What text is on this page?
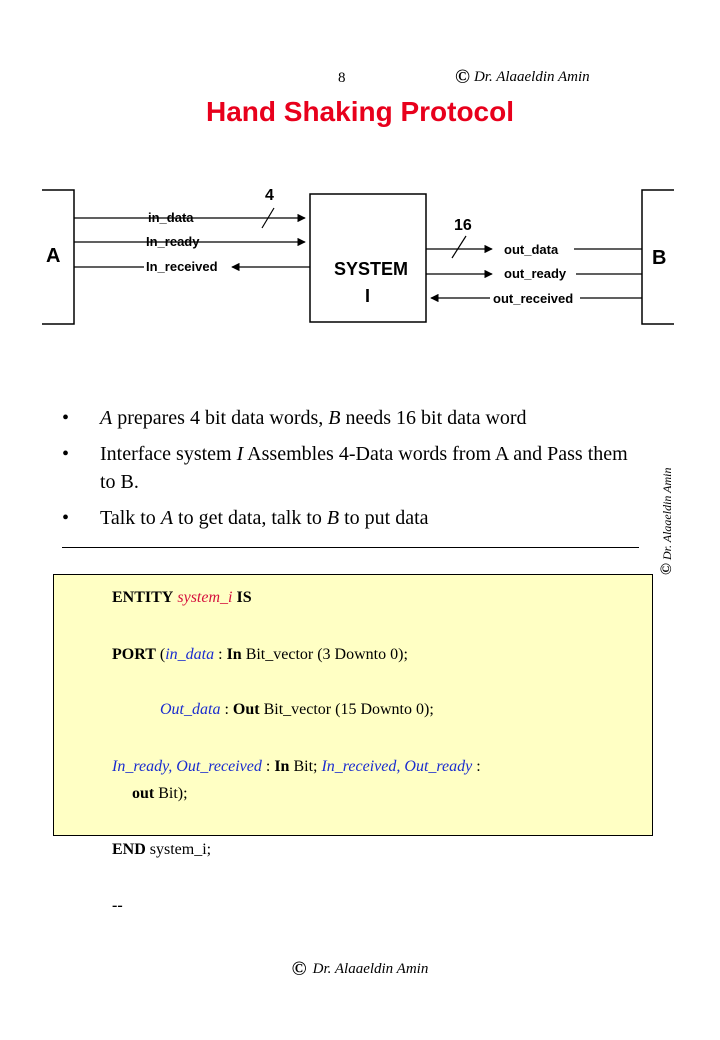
8	© Dr. Alaaeldin Amin
Hand Shaking Protocol
A	B
SYSTEM
I
4
in_data
In_ready
In_received
16
out_data
out_ready
out_received
• A prepares 4 bit data words, B needs 16 bit data word
• Interface system I Assembles 4-Data words from A and Pass them to B.
• Talk to A to get data, talk to B to put data
©Dr. Alaaeldin Amin
ENTITY system_i IS
PORT (in_data : In Bit_vector (3 Downto 0);
Out_data : Out Bit_vector (15 Downto 0);
In_ready, Out_received : In Bit; In_received, Out_ready :
out Bit);
END system_i;
--
© Dr. Alaaeldin Amin
